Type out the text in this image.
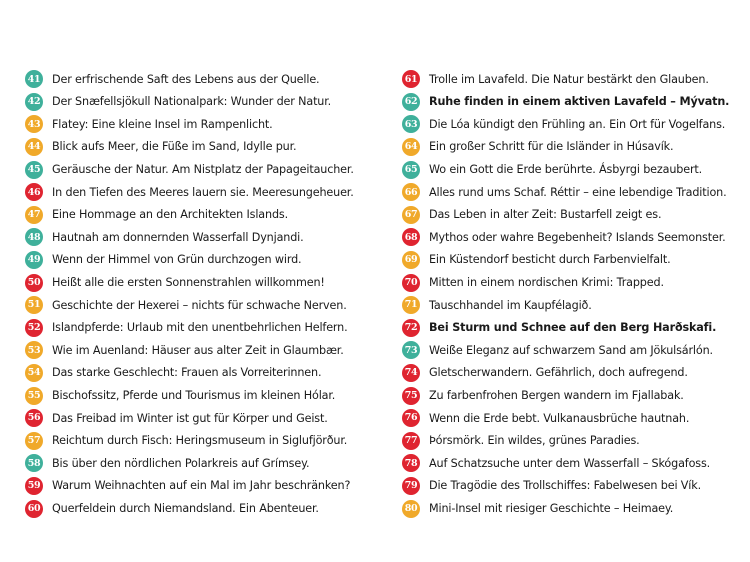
41 Der erfrischende Saft des Lebens aus der Quelle.
42 Der Snæfellsjökull Nationalpark: Wunder der Natur.
43 Flatey: Eine kleine Insel im Rampenlicht.
44 Blick aufs Meer, die Füße im Sand, Idylle pur.
45 Geräusche der Natur. Am Nistplatz der Papageitaucher.
46 In den Tiefen des Meeres lauern sie. Meeresungeheuer.
47 Eine Hommage an den Architekten Islands.
48 Hautnah am donnernden Wasserfall Dynjandi.
49 Wenn der Himmel von Grün durchzogen wird.
50 Heißt alle die ersten Sonnenstrahlen willkommen!
51 Geschichte der Hexerei – nichts für schwache Nerven.
52 Islandpferde: Urlaub mit den unentbehrlichen Helfern.
53 Wie im Auenland: Häuser aus alter Zeit in Glaumbær.
54 Das starke Geschlecht: Frauen als Vorreiterinnen.
55 Bischofssitz, Pferde und Tourismus im kleinen Hólar.
56 Das Freibad im Winter ist gut für Körper und Geist.
57 Reichtum durch Fisch: Heringsmuseum in Siglufjörður.
58 Bis über den nördlichen Polarkreis auf Grímsey.
59 Warum Weihnachten auf ein Mal im Jahr beschränken?
60 Querfeldein durch Niemandsland. Ein Abenteuer.
61 Trolle im Lavafeld. Die Natur bestärkt den Glauben.
62 Ruhe finden in einem aktiven Lavafeld – Mývatn.
63 Die Lóa kündigt den Frühling an. Ein Ort für Vogelfans.
64 Ein großer Schritt für die Isländer in Húsavík.
65 Wo ein Gott die Erde berührte. Ásbyrgi bezaubert.
66 Alles rund ums Schaf. Réttir – eine lebendige Tradition.
67 Das Leben in alter Zeit: Bustarfell zeigt es.
68 Mythos oder wahre Begebenheit? Islands Seemonster.
69 Ein Küstendorf besticht durch Farbenvielfalt.
70 Mitten in einem nordischen Krimi: Trapped.
71 Tauschhandel im Kaupfélagið.
72 Bei Sturm und Schnee auf den Berg Harðskafi.
73 Weiße Eleganz auf schwarzem Sand am Jökulsárlón.
74 Gletscherwandern. Gefährlich, doch aufregend.
75 Zu farbenfrohen Bergen wandern im Fjallabak.
76 Wenn die Erde bebt. Vulkanausbrüche hautnah.
77 Þórsmörk. Ein wildes, grünes Paradies.
78 Auf Schatzsuche unter dem Wasserfall – Skógafoss.
79 Die Tragödie des Trollschiffes: Fabelwesen bei Vík.
80 Mini-Insel mit riesiger Geschichte – Heimaey.
